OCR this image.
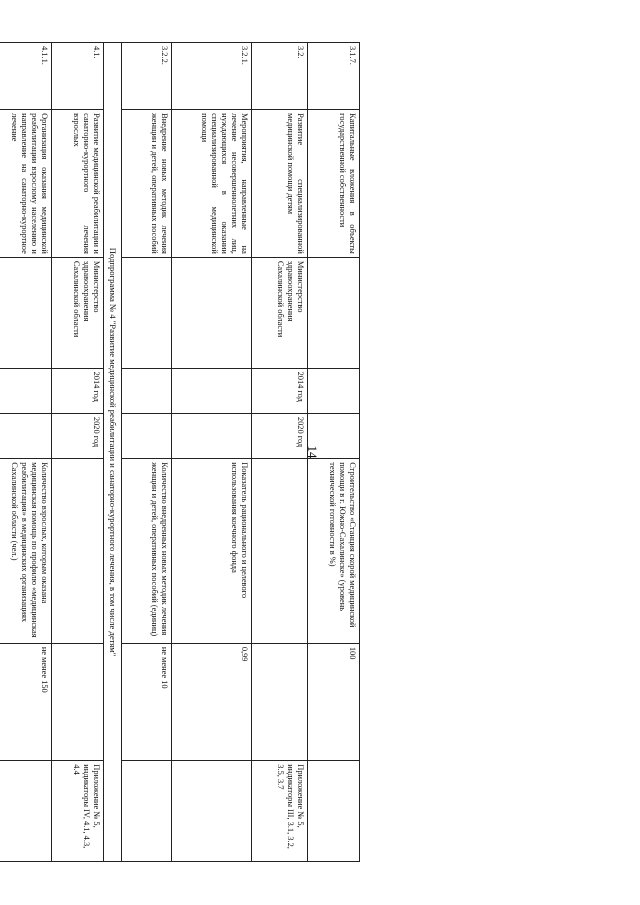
14
3.1.7.	Капитальные вложения в объекты государственной собственности				Строительство «Станция скорой медицинской помощи в г. Южно-Сахалинске» (уровень технической готовности в %)	100	
3.2.	Развитие специализированной медицинской помощи детям	Министерство здравоохранения Сахалинской области	2014 год	2020 год			Приложение № 5, индикаторы III, 3.1, 3.2, 3.5, 3.7
3.2.1.	Мероприятия, направленные на лечение несовершеннолетних лиц, нуждающихся в оказании специализированной медицинской помощи				Показатель рационального и целевого использования коечного фонда	0,99	
3.2.2.	Внедрение новых методик лечения женщин и детей, оперативных пособий				Количество внедренных новых методик лечения женщин и детей, оперативных пособий (единиц)	не менее 10	
Подпрограмма № 4 "Развитие медицинской реабилитации и санаторно-курортного лечения, в том числе детям"							
4.1.	Развитие медицинской реабилитации и санаторно-курортного лечения взрослых	Министерство здравоохранения Сахалинской области	2014 год	2020 год			Приложение № 5, индикаторы IV, 4.1, 4.3, 4.4
4.1.1.	Организация оказания медицинской реабилитации взрослому населению и направление на санаторно-курортное лечение				Количество взрослых, которым оказана медицинская помощь по профилю «медицинская реабилитация» в медицинских организациях Сахалинской области (чел.)	не менее 150	
